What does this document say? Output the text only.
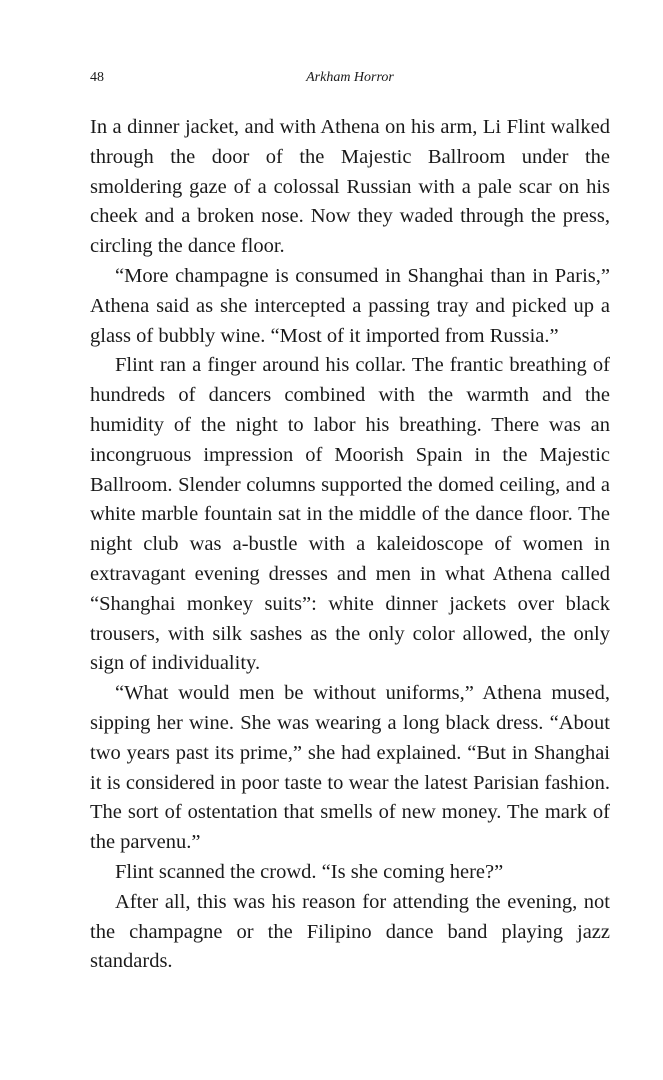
48	Arkham Horror

In a dinner jacket, and with Athena on his arm, Li Flint walked through the door of the Majestic Ballroom under the smoldering gaze of a colossal Russian with a pale scar on his cheek and a broken nose. Now they waded through the press, circling the dance floor.

“More champagne is consumed in Shanghai than in Paris,” Athena said as she intercepted a passing tray and picked up a glass of bubbly wine. “Most of it imported from Russia.”

Flint ran a finger around his collar. The frantic breathing of hundreds of dancers combined with the warmth and the humidity of the night to labor his breathing. There was an incongruous impression of Moorish Spain in the Majestic Ballroom. Slender columns supported the domed ceiling, and a white marble fountain sat in the middle of the dance floor. The night club was a-bustle with a kaleidoscope of women in extravagant evening dresses and men in what Athena called “Shanghai monkey suits”: white dinner jackets over black trousers, with silk sashes as the only color allowed, the only sign of individuality.

“What would men be without uniforms,” Athena mused, sipping her wine. She was wearing a long black dress. “About two years past its prime,” she had explained. “But in Shanghai it is considered in poor taste to wear the latest Parisian fashion. The sort of ostentation that smells of new money. The mark of the parvenu.”

Flint scanned the crowd. “Is she coming here?”

After all, this was his reason for attending the evening, not the champagne or the Filipino dance band playing jazz standards.
